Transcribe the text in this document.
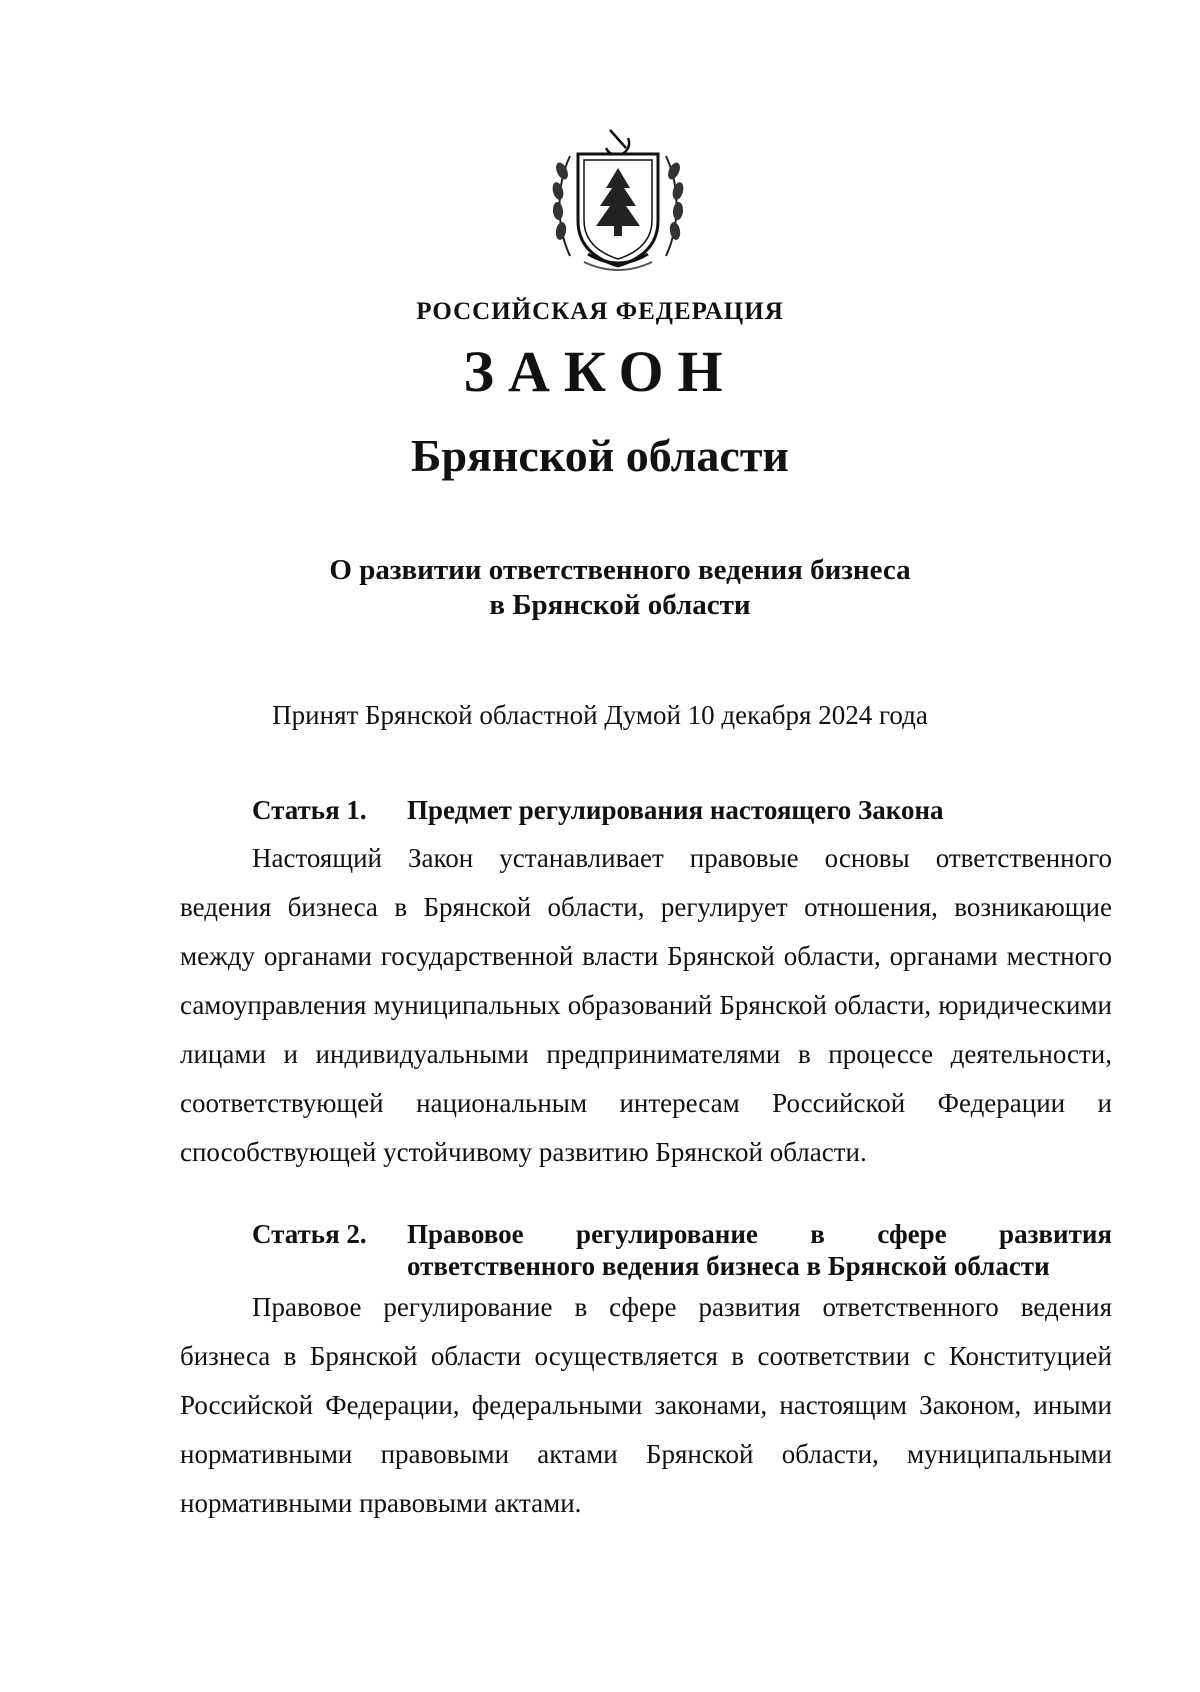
РОССИЙСКАЯ ФЕДЕРАЦИЯ
ЗАКОН
Брянской области
О развитии ответственного ведения бизнеса
в Брянской области
Принят Брянской областной Думой 10 декабря 2024 года
Статья 1. Предмет регулирования настоящего Закона

Настоящий Закон устанавливает правовые основы ответственного ведения бизнеса в Брянской области, регулирует отношения, возникающие между органами государственной власти Брянской области, органами местного самоуправления муниципальных образований Брянской области, юридическими лицами и индивидуальными предпринимателями в процессе деятельности, соответствующей национальным интересам Российской Федерации и способствующей устойчивому развитию Брянской области.

Статья 2. Правовое регулирование в сфере развития ответственного ведения бизнеса в Брянской области

Правовое регулирование в сфере развития ответственного ведения бизнеса в Брянской области осуществляется в соответствии с Конституцией Российской Федерации, федеральными законами, настоящим Законом, иными нормативными правовыми актами Брянской области, муниципальными нормативными правовыми актами.
